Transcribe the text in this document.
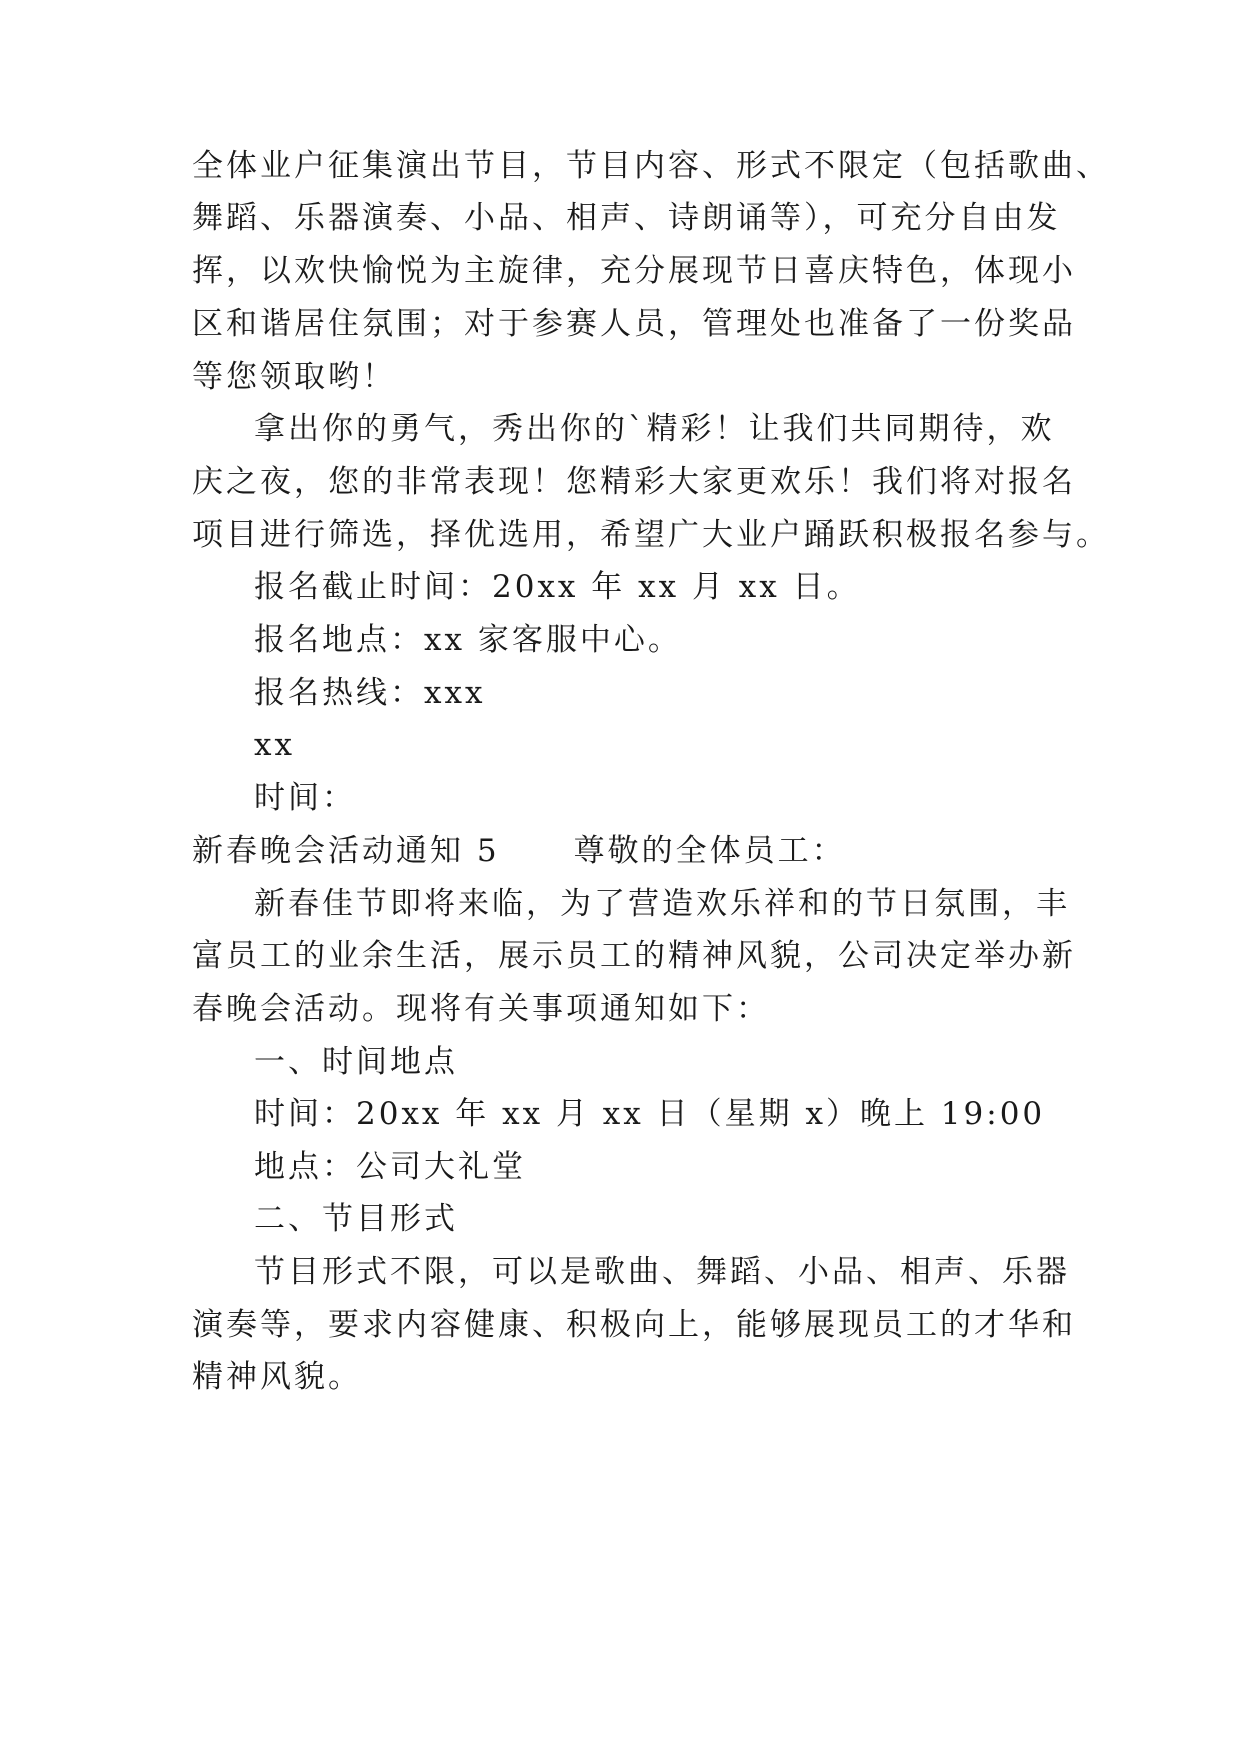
全体业户征集演出节目，节目内容、形式不限定（包括歌曲、
舞蹈、乐器演奏、小品、相声、诗朗诵等），可充分自由发
挥，以欢快愉悦为主旋律，充分展现节日喜庆特色，体现小
区和谐居住氛围；对于参赛人员，管理处也准备了一份奖品
等您领取哟！
拿出你的勇气，秀出你的`精彩！让我们共同期待，欢
庆之夜，您的非常表现！您精彩大家更欢乐！我们将对报名
项目进行筛选，择优选用，希望广大业户踊跃积极报名参与。
报名截止时间：20xx 年 xx 月 xx 日。
报名地点：xx 家客服中心。
报名热线：xxx
xx
时间：
新春晚会活动通知 5 尊敬的全体员工：
新春佳节即将来临，为了营造欢乐祥和的节日氛围，丰
富员工的业余生活，展示员工的精神风貌，公司决定举办新
春晚会活动。现将有关事项通知如下：
一、时间地点
时间：20xx 年 xx 月 xx 日（星期 x）晚上 19:00
地点：公司大礼堂
二、节目形式
节目形式不限，可以是歌曲、舞蹈、小品、相声、乐器
演奏等，要求内容健康、积极向上，能够展现员工的才华和
精神风貌。
